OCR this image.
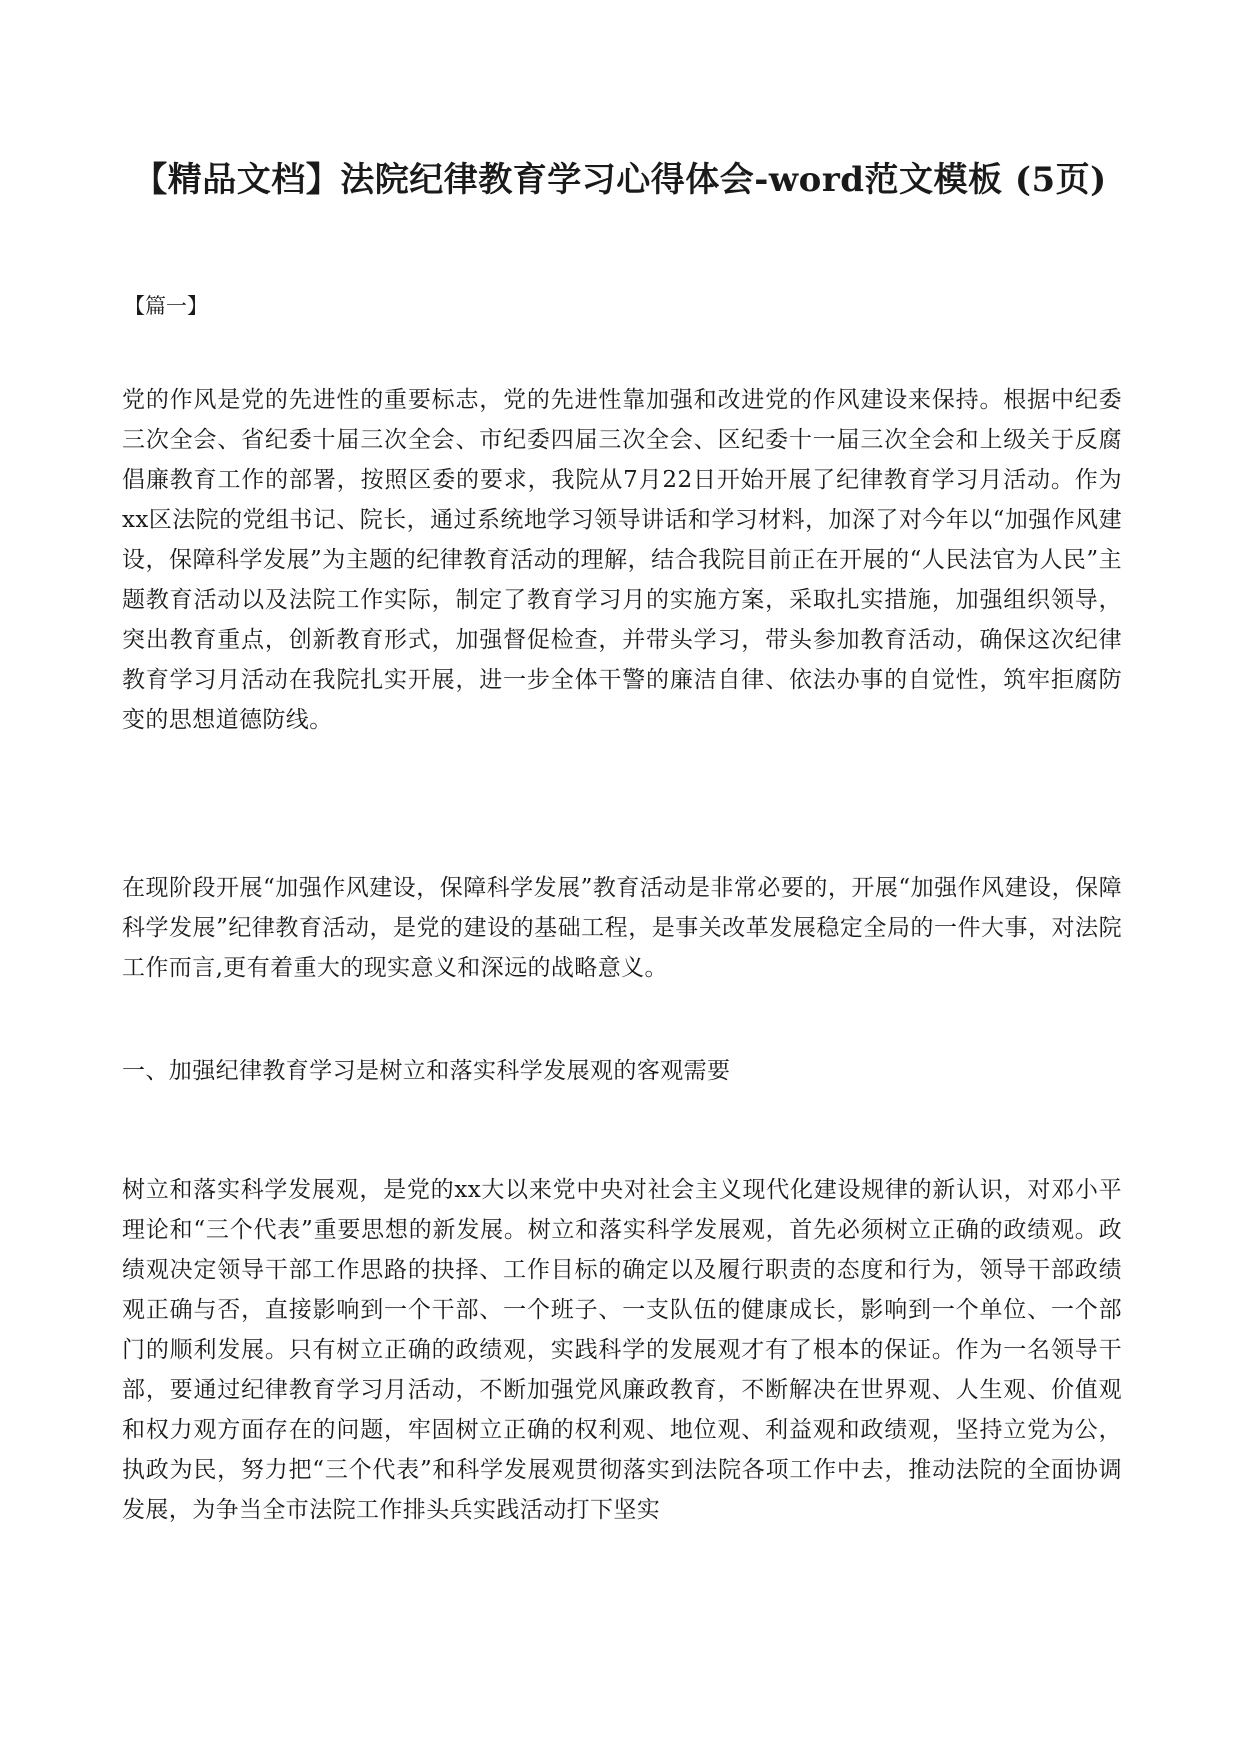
【精品文档】法院纪律教育学习心得体会-word范文模板 (5页)
【篇一】
党的作风是党的先进性的重要标志，党的先进性靠加强和改进党的作风建设来保持。根据中纪委三次全会、省纪委十届三次全会、市纪委四届三次全会、区纪委十一届三次全会和上级关于反腐倡廉教育工作的部署，按照区委的要求，我院从7月22日开始开展了纪律教育学习月活动。作为xx区法院的党组书记、院长，通过系统地学习领导讲话和学习材料，加深了对今年以“加强作风建设，保障科学发展”为主题的纪律教育活动的理解，结合我院目前正在开展的“人民法官为人民”主题教育活动以及法院工作实际，制定了教育学习月的实施方案，采取扎实措施，加强组织领导，突出教育重点，创新教育形式，加强督促检查，并带头学习，带头参加教育活动，确保这次纪律教育学习月活动在我院扎实开展，进一步全体干警的廉洁自律、依法办事的自觉性，筑牢拒腐防变的思想道德防线。
在现阶段开展“加强作风建设，保障科学发展”教育活动是非常必要的，开展“加强作风建设，保障科学发展”纪律教育活动，是党的建设的基础工程，是事关改革发展稳定全局的一件大事，对法院工作而言,更有着重大的现实意义和深远的战略意义。
一、加强纪律教育学习是树立和落实科学发展观的客观需要
树立和落实科学发展观，是党的xx大以来党中央对社会主义现代化建设规律的新认识，对邓小平理论和“三个代表”重要思想的新发展。树立和落实科学发展观，首先必须树立正确的政绩观。政绩观决定领导干部工作思路的抉择、工作目标的确定以及履行职责的态度和行为，领导干部政绩观正确与否，直接影响到一个干部、一个班子、一支队伍的健康成长，影响到一个单位、一个部门的顺利发展。只有树立正确的政绩观，实践科学的发展观才有了根本的保证。作为一名领导干部，要通过纪律教育学习月活动，不断加强党风廉政教育，不断解决在世界观、人生观、价值观和权力观方面存在的问题，牢固树立正确的权利观、地位观、利益观和政绩观，坚持立党为公，执政为民，努力把“三个代表”和科学发展观贯彻落实到法院各项工作中去，推动法院的全面协调发展，为争当全市法院工作排头兵实践活动打下坚实
